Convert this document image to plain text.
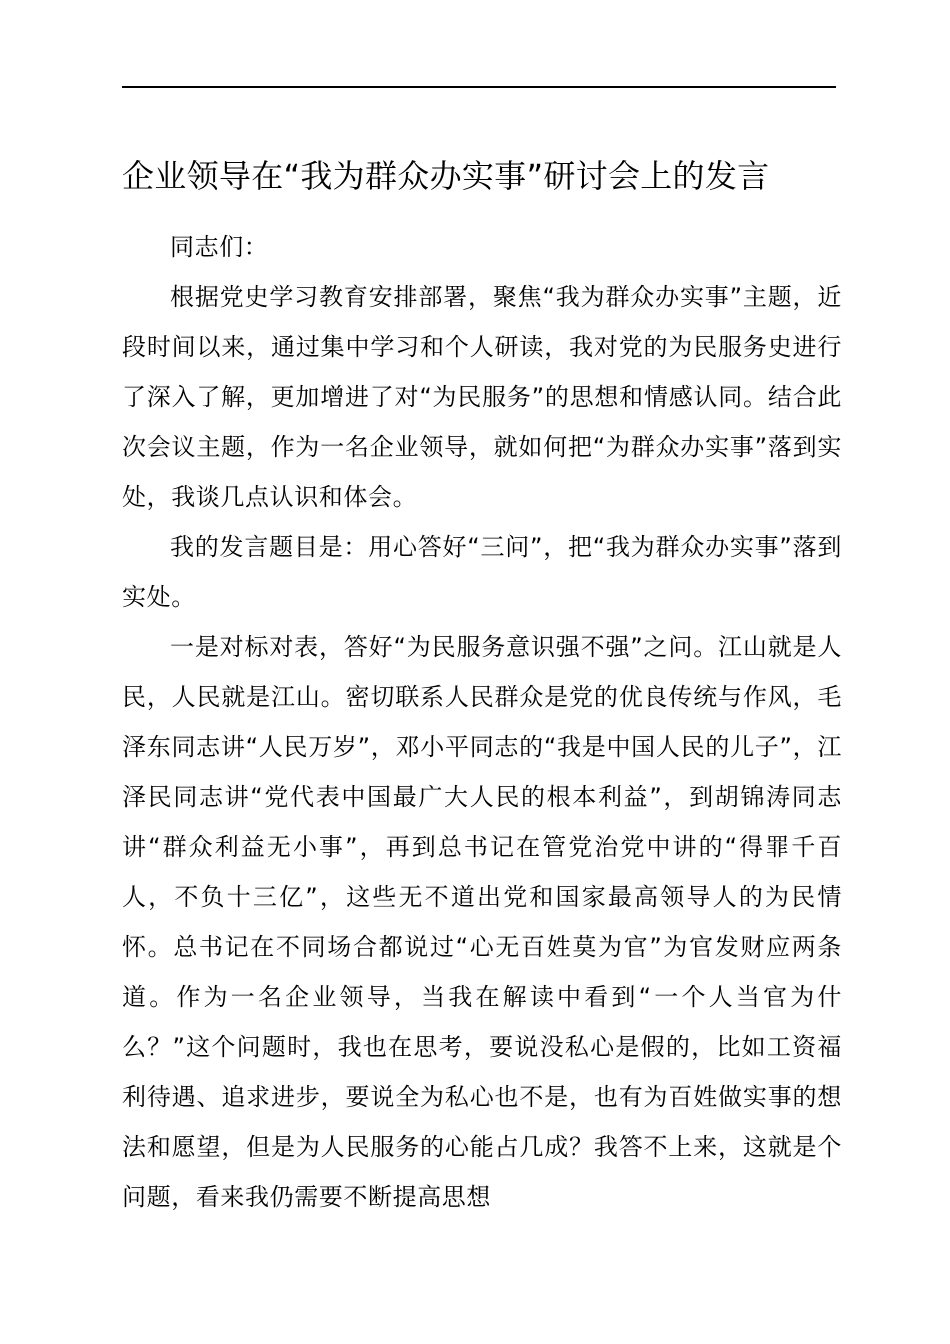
企业领导在“我为群众办实事”研讨会上的发言

同志们：

根据党史学习教育安排部署，聚焦“我为群众办实事”主题，近段时间以来，通过集中学习和个人研读，我对党的为民服务史进行了深入了解，更加增进了对“为民服务”的思想和情感认同。结合此次会议主题，作为一名企业领导，就如何把“为群众办实事”落到实处，我谈几点认识和体会。

我的发言题目是：用心答好“三问”，把“我为群众办实事”落到实处。

一是对标对表，答好“为民服务意识强不强”之问。江山就是人民，人民就是江山。密切联系人民群众是党的优良传统与作风，毛泽东同志讲“人民万岁”，邓小平同志的“我是中国人民的儿子”，江泽民同志讲“党代表中国最广大人民的根本利益”，到胡锦涛同志讲“群众利益无小事”，再到总书记在管党治党中讲的“得罪千百人，不负十三亿”，这些无不道出党和国家最高领导人的为民情怀。总书记在不同场合都说过“心无百姓莫为官”为官发财应两条道。作为一名企业领导，当我在解读中看到“一个人当官为什么？”这个问题时，我也在思考，要说没私心是假的，比如工资福利待遇、追求进步，要说全为私心也不是，也有为百姓做实事的想法和愿望，但是为人民服务的心能占几成？我答不上来，这就是个问题，看来我仍需要不断提高思想
